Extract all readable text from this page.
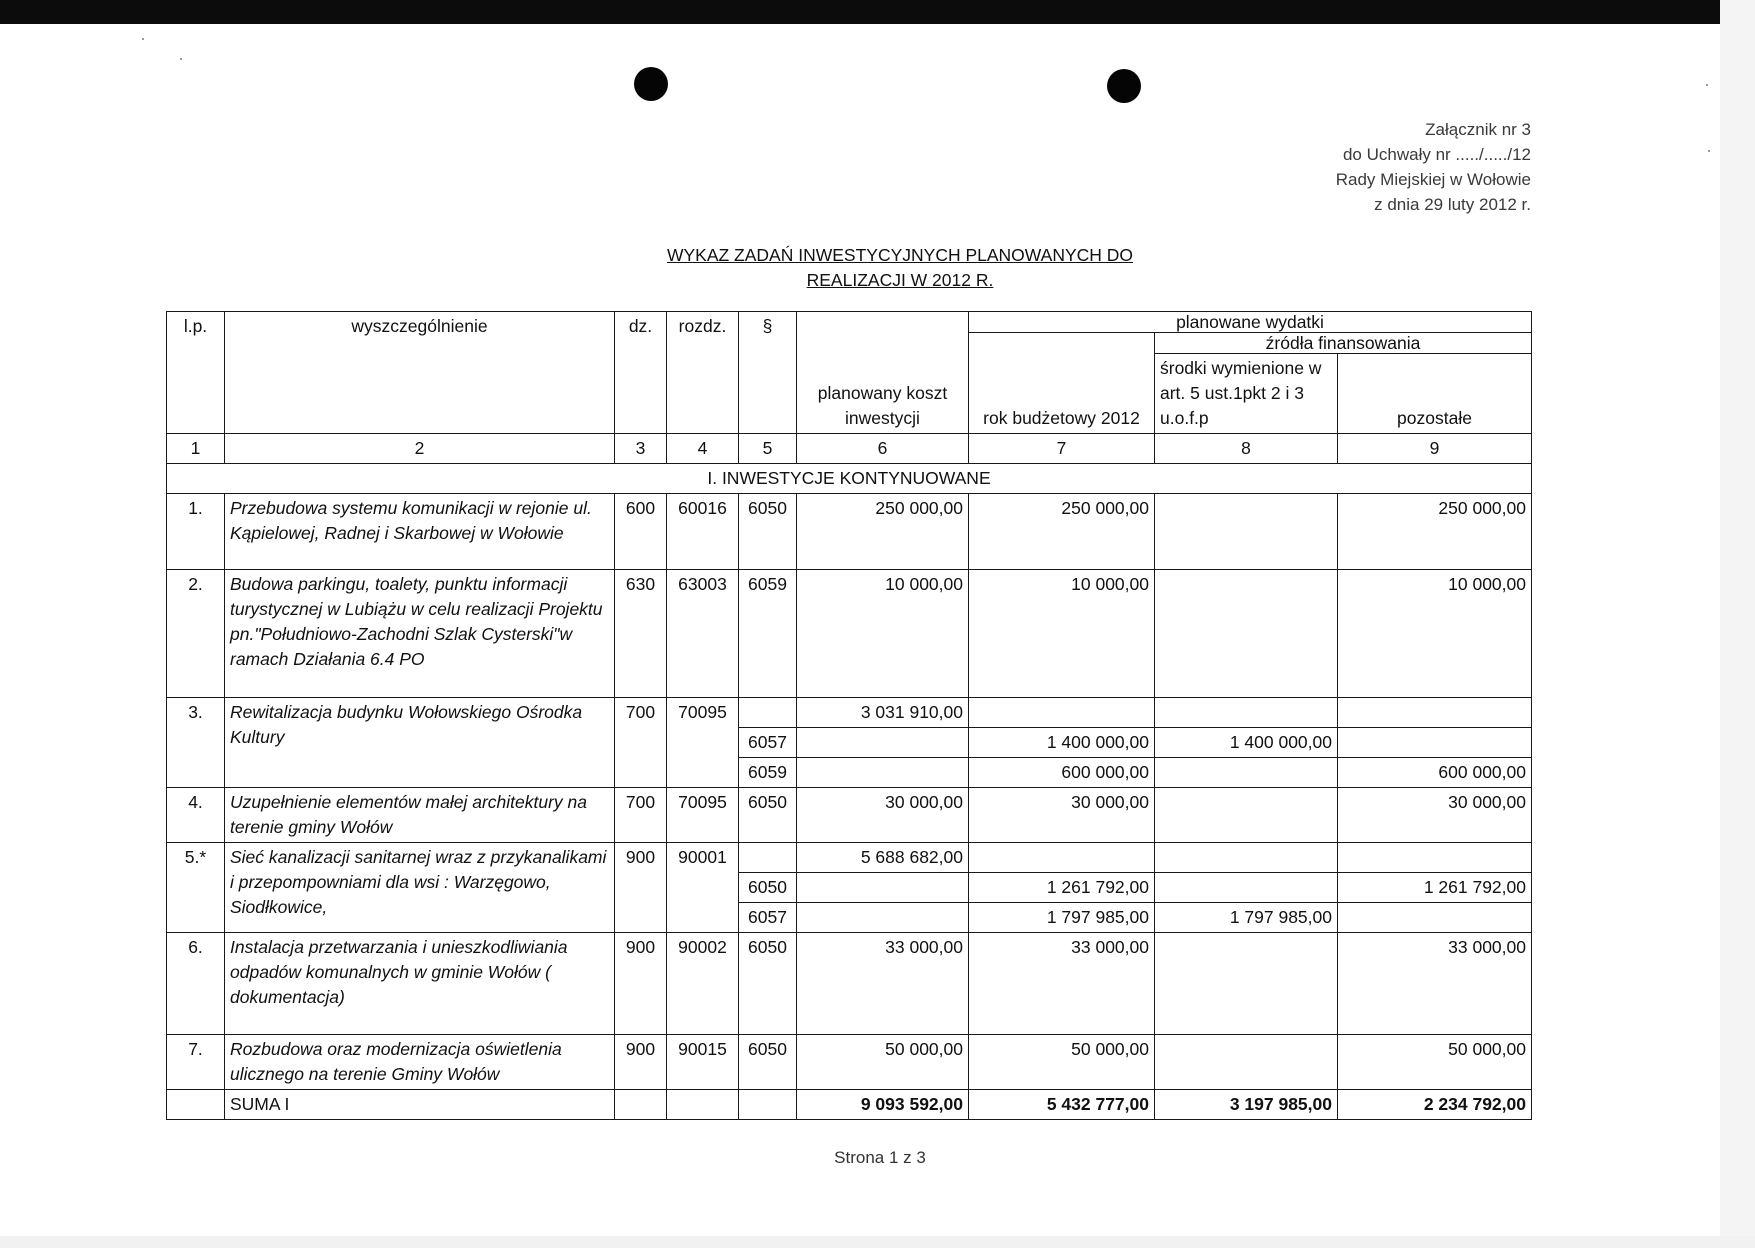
Załącznik nr 3
do Uchwały nr ...../...../12
Rady Miejskiej w Wołowie
z dnia 29 luty 2012 r.
WYKAZ ZADAŃ INWESTYCYJNYCH PLANOWANYCH DO
REALIZACJI W 2012 R.
l.p.	wyszczególnienie	dz.	rozdz.	§	planowany koszt inwestycji	planowane wydatki		
						rok budżetowy 2012	źródła finansowania	
							środki wymienione w art. 5 ust.1pkt 2 i 3 u.o.f.p	pozostałe
1	2	3	4	5	6	7	8	9
I. INWESTYCJE KONTYNUOWANE								
1.	Przebudowa systemu komunikacji w rejonie ul. Kąpielowej, Radnej i Skarbowej w Wołowie	600	60016	6050	250 000,00	250 000,00		250 000,00
2.	Budowa parkingu, toalety, punktu informacji turystycznej w Lubiążu w celu realizacji Projektu pn."Południowo-Zachodni Szlak Cysterski"w ramach Działania 6.4 PO	630	63003	6059	10 000,00	10 000,00		10 000,00
3.	Rewitalizacja budynku Wołowskiego Ośrodka Kultury	700	70095		3 031 910,00			
				6057		1 400 000,00	1 400 000,00	
				6059		600 000,00		600 000,00
4.	Uzupełnienie elementów małej architektury na terenie gminy Wołów	700	70095	6050	30 000,00	30 000,00		30 000,00
5.*	Sieć kanalizacji sanitarnej wraz z przykanalikami i przepompowniami dla wsi : Warzęgowo, Siodłkowice,	900	90001		5 688 682,00			
				6050		1 261 792,00		1 261 792,00
				6057		1 797 985,00	1 797 985,00	
6.	Instalacja przetwarzania i unieszkodliwiania odpadów komunalnych w gminie Wołów ( dokumentacja)	900	90002	6050	33 000,00	33 000,00		33 000,00
7.	Rozbudowa oraz modernizacja oświetlenia ulicznego na terenie Gminy Wołów	900	90015	6050	50 000,00	50 000,00		50 000,00
	SUMA I				9 093 592,00	5 432 777,00	3 197 985,00	2 234 792,00
Strona 1 z 3
